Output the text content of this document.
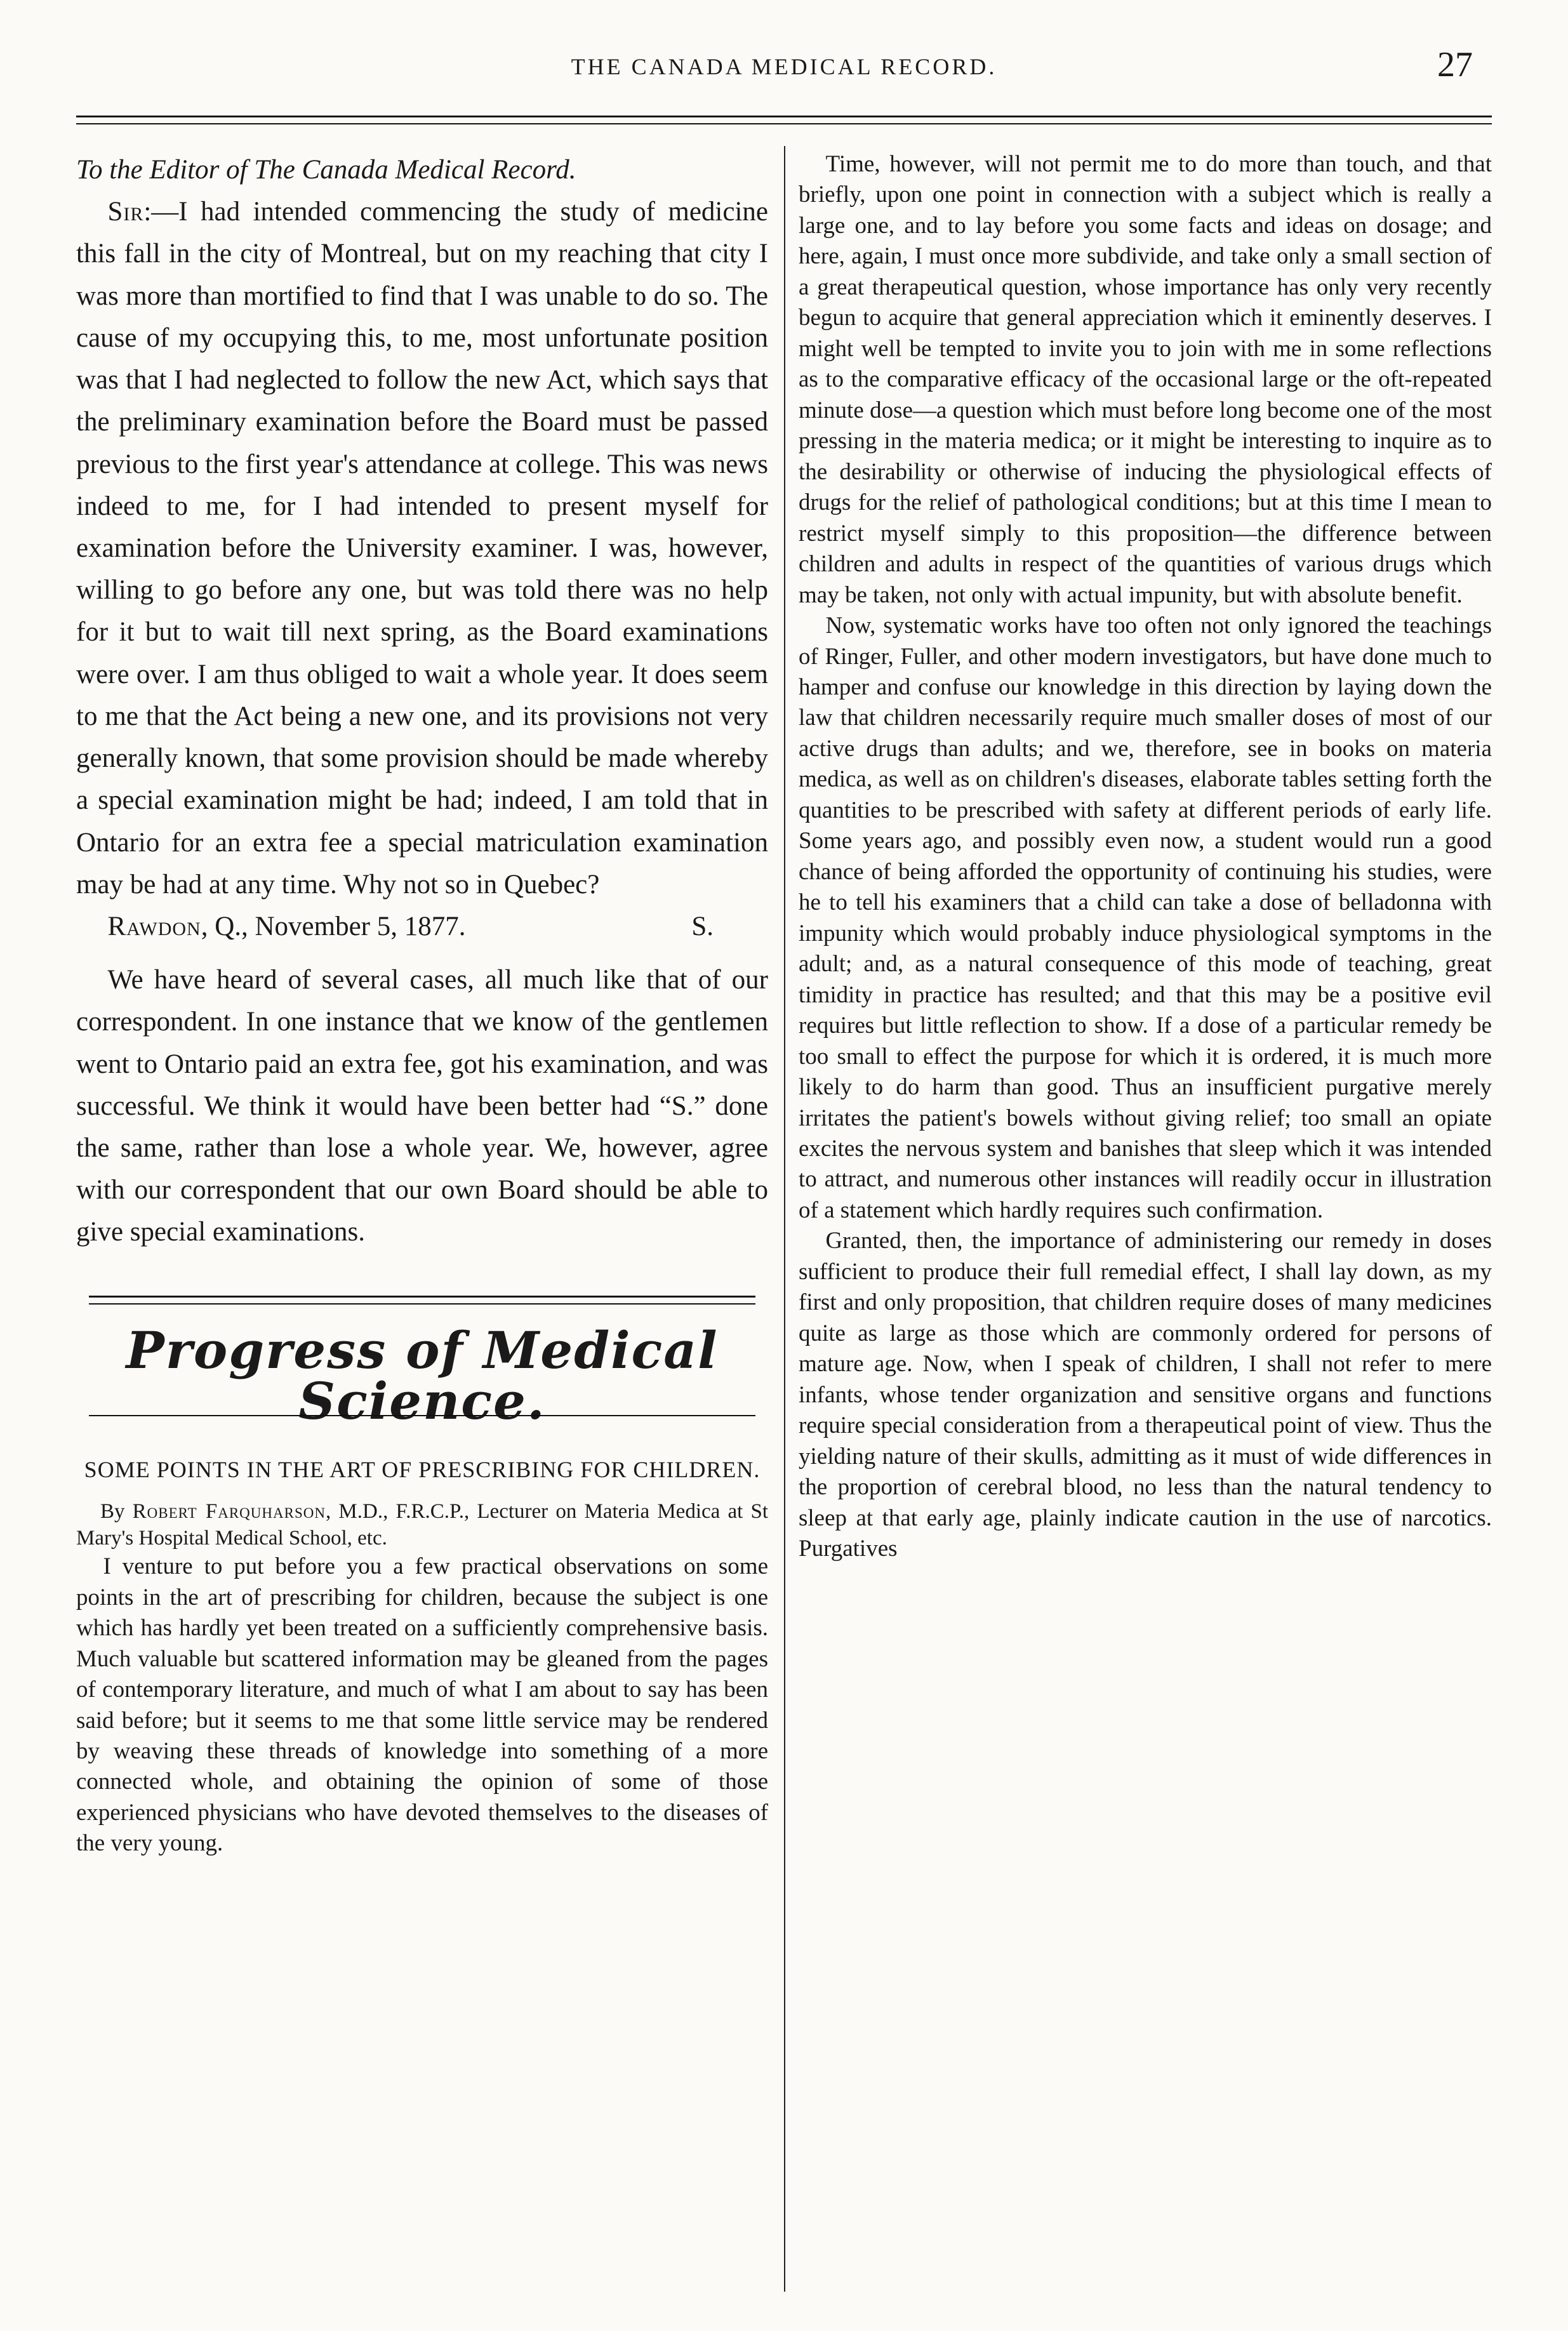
THE CANADA MEDICAL RECORD.	27

To the Editor of The Canada Medical Record.

Sir:—I had intended commencing the study of medicine this fall in the city of Montreal, but on my reaching that city I was more than mortified to find that I was unable to do so. The cause of my occupying this, to me, most unfortunate position was that I had neglected to follow the new Act, which says that the preliminary examination before the Board must be passed previous to the first year's attendance at college. This was news indeed to me, for I had intended to present myself for examination before the University examiner. I was, however, willing to go before any one, but was told there was no help for it but to wait till next spring, as the Board examinations were over. I am thus obliged to wait a whole year. It does seem to me that the Act being a new one, and its provisions not very generally known, that some provision should be made whereby a special examination might be had; indeed, I am told that in Ontario for an extra fee a special matriculation examination may be had at any time. Why not so in Quebec?

Rawdon, Q., November 5, 1877.	S.

We have heard of several cases, all much like that of our correspondent. In one instance that we know of the gentlemen went to Ontario paid an extra fee, got his examination, and was successful. We think it would have been better had “S.” done the same, rather than lose a whole year. We, however, agree with our correspondent that our own Board should be able to give special examinations.

Progress of Medical Science.
SOME POINTS IN THE ART OF PRESCRIBING FOR CHILDREN.

By Robert Farquharson, M.D., F.R.C.P., Lecturer on Materia Medica at St Mary's Hospital Medical School, etc.

I venture to put before you a few practical observations on some points in the art of prescribing for children, because the subject is one which has hardly yet been treated on a sufficiently comprehensive basis. Much valuable but scattered information may be gleaned from the pages of contemporary literature, and much of what I am about to say has been said before; but it seems to me that some little service may be rendered by weaving these threads of knowledge into something of a more connected whole, and obtaining the opinion of some of those experienced physicians who have devoted themselves to the diseases of the very young.

Time, however, will not permit me to do more than touch, and that briefly, upon one point in connection with a subject which is really a large one, and to lay before you some facts and ideas on dosage; and here, again, I must once more subdivide, and take only a small section of a great therapeutical question, whose importance has only very recently begun to acquire that general appreciation which it eminently deserves. I might well be tempted to invite you to join with me in some reflections as to the comparative efficacy of the occasional large or the oft-repeated minute dose—a question which must before long become one of the most pressing in the materia medica; or it might be interesting to inquire as to the desirability or otherwise of inducing the physiological effects of drugs for the relief of pathological conditions; but at this time I mean to restrict myself simply to this proposition—the difference between children and adults in respect of the quantities of various drugs which may be taken, not only with actual impunity, but with absolute benefit.

Now, systematic works have too often not only ignored the teachings of Ringer, Fuller, and other modern investigators, but have done much to hamper and confuse our knowledge in this direction by laying down the law that children necessarily require much smaller doses of most of our active drugs than adults; and we, therefore, see in books on materia medica, as well as on children's diseases, elaborate tables setting forth the quantities to be prescribed with safety at different periods of early life. Some years ago, and possibly even now, a student would run a good chance of being afforded the opportunity of continuing his studies, were he to tell his examiners that a child can take a dose of belladonna with impunity which would probably induce physiological symptoms in the adult; and, as a natural consequence of this mode of teaching, great timidity in practice has resulted; and that this may be a positive evil requires but little reflection to show. If a dose of a particular remedy be too small to effect the purpose for which it is ordered, it is much more likely to do harm than good. Thus an insufficient purgative merely irritates the patient's bowels without giving relief; too small an opiate excites the nervous system and banishes that sleep which it was intended to attract, and numerous other instances will readily occur in illustration of a statement which hardly requires such confirmation.

Granted, then, the importance of administering our remedy in doses sufficient to produce their full remedial effect, I shall lay down, as my first and only proposition, that children require doses of many medicines quite as large as those which are commonly ordered for persons of mature age. Now, when I speak of children, I shall not refer to mere infants, whose tender organization and sensitive organs and functions require special consideration from a therapeutical point of view. Thus the yielding nature of their skulls, admitting as it must of wide differences in the proportion of cerebral blood, no less than the natural tendency to sleep at that early age, plainly indicate caution in the use of narcotics. Purgatives
